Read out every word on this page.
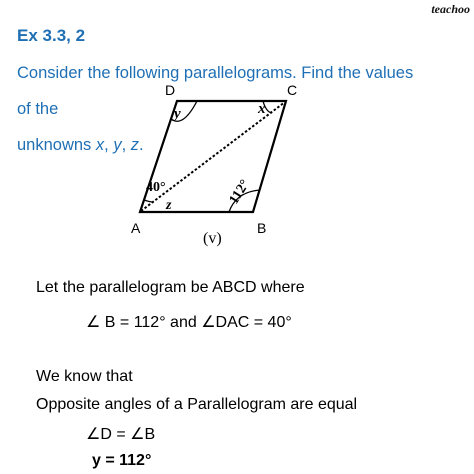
teachoo
Ex 3.3, 2
Consider the following parallelograms. Find the values of the
unknowns x, y, z.
A	B
C
D
y	x
40°
z	112°
(v)
Let the parallelogram be ABCD where
∠ B = 112° and ∠DAC = 40°
We know that
Opposite angles of a Parallelogram are equal
∠D = ∠B
y = 112°
